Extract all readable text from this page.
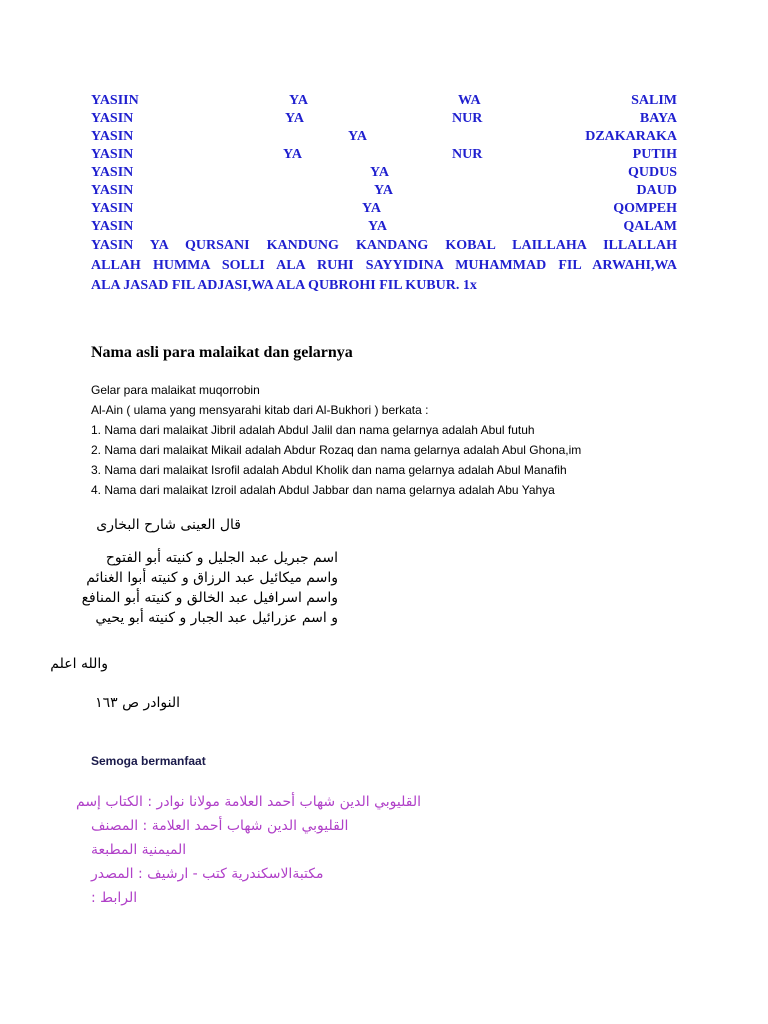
YASIIN	YA	WA	SALIM
YASIN	YA	NUR	BAYA
YASIN	YA	DZAKARAKA
YASIN	YA	NUR	PUTIH
YASIN	YA	QUDUS
YASIN	YA	DAUD
YASIN	YA	QOMPEH
YASIN	YA	QALAM
YASIN YA QURSANI KANDUNG KANDANG KOBAL LAILLAHA ILLALLAH
ALLAH HUMMA SOLLI ALA RUHI SAYYIDINA MUHAMMAD FIL ARWAHI,WA
ALA JASAD FIL ADJASI,WA ALA QUBROHI FIL KUBUR. 1x
Nama asli para malaikat dan gelarnya
Gelar para malaikat muqorrobin
Al-Ain ( ulama yang mensyarahi kitab dari Al-Bukhori ) berkata :
1. Nama dari malaikat Jibril adalah Abdul Jalil dan nama gelarnya adalah Abul futuh
2. Nama dari malaikat Mikail adalah Abdur Rozaq dan nama gelarnya adalah Abul Ghona,im
3. Nama dari malaikat Isrofil adalah Abdul Kholik dan nama gelarnya adalah Abul Manafih
4. Nama dari malaikat Izroil adalah Abdul Jabbar dan nama gelarnya adalah Abu Yahya
قال العينى شارح البخارى
اسم جبريل عبد الجليل و كنيته أبو الفتوح
واسم ميكائيل عبد الرزاق و كنيته أبوا الغنائم
واسم اسرافيل عبد الخالق و كنيته أبو المنافع
و اسم عزرائيل عبد الجبار و كنيته أبو يحيي
والله اعلم
النوادر ص ١٦٣
Semoga bermanfaat
القليوبي الدين شهاب أحمد العلامة مولانا نوادر : الكتاب إسم
القليوبي الدين شهاب أحمد العلامة : المصنف
الميمنية المطبعة
مكتبةالاسكندرية كتب - ارشيف : المصدر
الرابط :
